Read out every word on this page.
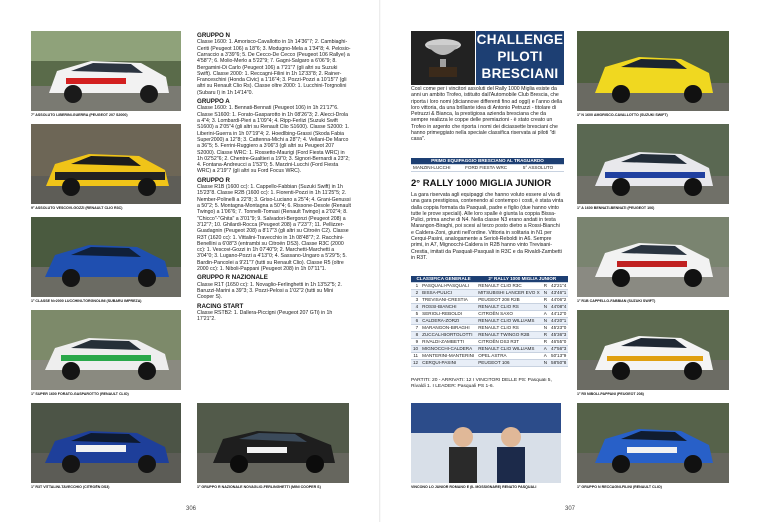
7° ASSOLUTO LIBERINI-GUERRA (PEUGEOT 207 S2000)
9° ASSOLUTO VESCOVI-GOZZI (RENAULT CLIO R3C)
1° CLASSE N>2000 LUCCHINI-TORGNOLINI (SUBARU IMPREZA)
1° SUPER 1600 FORATO-GASPAROTTO (RENAULT CLIO)
1° R3T VITTALINI-TAVECCHIO (CITROËN DS3)	1° GRUPPO R NAZIONALE NOVAGLIO-FERLINGHETTI (MINI COOPER S)
GRUPPO N

Classe 1600: 1. Amorisco-Cavallotto in 1h 14'36"7; 2. Cambiaghi-Ceriti (Peugeot 106) a 18"6; 3. Modugno-Mela a 1'34"8; 4. Pelosio-Carraccio a 3'39"6; 5. De Cecco-De Cecco (Peugeot 106 Rallye) a 4'58"7; 6. Molio-Merlo a 5'22"9; 7. Gagni-Salgaro a 6'06"9; 8. Bergamini-Di Carlo (Peugeot 106) a 7'21"7 (gli altri su Suzuki Swift). Classe 2000: 1. Reccagni-Filini in 1h 12'33"8; 2. Rainer-Franceschini (Honda Civic) a 1'16"4; 3. Pozzi-Pozzi a 10'15"7 (gli altri su Renault Clio Rs). Classe oltre 2000: 1. Lucchini-Torgnolini (Subaru I) in 1h 14'14"0.

GRUPPO A

Classe 1600: 1. Bennati-Bennati (Peugeot 106) in 1h 21'17"6. Classe S1600: 1. Forato-Gasparotto in 1h 08'26"3; 2. Alecci-Drola a 4"4; 3. Lombardi-Pieri a 1'09"4; 4. Ripp-Ferlizi (Suzuki Swift S1600) a 2'05"4 (gli altri su Renault Clio S1600). Classe S2000: 1. Liberini-Guerra in 1h 07'19"4; 2. Hoedlbing-Grassi (Skoda Fabia Super2000) a 12"8; 3. Cattenna-Michi a 28"7; 4. Vellani-De Marco a 36"5; 5. Ferrini-Ruggiero a 3'06"3 (gli altri su Peugeot 207 S2000). Classe WRC: 1. Rossetto-Maurigi (Ford Fiesta WRC) in 1h 02'52"6; 2. Chentre-Gualtieri a 19"0; 3. Signori-Bernardi a 23"2; 4. Fontana-Andreucci a 1'53"0; 5. Marzini-Lucchi (Ford Fiesta WRC) a 2'19"7 (gli altri su Ford Focus WRC).

GRUPPO R

Classe R1B (1600 cc): 1. Cappello-Fabbian (Suzuki Swift) in 1h 15'23"8. Classe R2B (1600 cc): 1. Fiorenti-Pozzi in 1h 11'25"5; 2. Nember-Polinelli a 22"8; 3. Griso-Luciano a 25"4; 4. Grani-Genussi a 50"2; 5. Montagna-Montagna a 50"4; 6. Rissone-Desole (Renault Twingo) a 1'06"6; 7. Tonnelli-Tomasi (Renault Twingo) a 2'02"4; 8. "Chicco"-"Ghita" a 3'01"9; 9. Salvadori-Bergonzi (Peugeot 208) a 3'12"7; 10. Ghilardi-Rocca (Peugeot 208) a 7'23"7; 11. Pellizzer-Guadagnin (Peugeot 208) a 8'17"3 (gli altri su Citroën C2). Classe R3T (1620 cc): 1. Vittalini-Travecchio in 1h 08'48"7; 2. Racchini-Benellini a 6'08"3 (entrambi su Citroën DS3). Classe R3C (2000 cc): 1. Vescovi-Gozzi in 1h 07'40"9; 2. Marchetti-Marchetti a 3'04"0; 3. Lugano-Pozzi a 4'13"0; 4. Sassano-Ungaro a 5'29"5; 5. Bardin-Pancolei a 9'21"7 (tutti su Renault Clio). Classe R5 (oltre 2000 cc): 1. Niboli-Pappani (Peugeot 208) in 1h 07'11"1.

GRUPPO R NAZIONALE

Classe R1T (1650 cc): 1. Novaglio-Ferlinghetti in 1h 13'52"5; 2. Baruzzi-Marini a 39"3; 3. Pozzi-Pelosi a 1'02"2 (tutti su Mini Cooper S).

RACING START

Classe RSTB2: 1. Dallera-Piccigni (Peugeot 207 GTi) in 1h 17'21"2.

306
CHALLENGE
PILOTI
BRESCIANI
Così come per i vincitori assoluti del Rally 1000 Miglia esiste da anni un ambito Trofeo, istituito dall'Automobile Club Brescia, che riporta i loro nomi (diciannove differenti fino ad oggi) e l'anno della loro vittoria, da una brillante idea di Antonio Petruzzi - titolare di Petruzzi & Bianca, la prestigiosa azienda bresciana che da sempre realizza le coppe delle premiazioni - è stato creato un Trofeo in argento che riporta i nomi dei diciassette bresciani che hanno primeggiato nella speciale classifica riservata ai piloti "di casa".
PRIMO EQUIPAGGIO BRESCIANO AL TRAGUARDO
MANZINI-LUCCHI	FORD FIESTA WRC	5° ASSOLUTO
2° RALLY 1000 MIGLIA JUNIOR
La gara riservata agli equipaggi che hanno voluto essere al via di una gara prestigiosa, contenendo al contempo i costi, è stata vinta dalla coppia formata da Pasquali, padre e figlio (due hanno vinto tutte le prove speciali). Alle loro spalle è giunta la coppia Bissa-Pulici, prima anche di N4. Nella classe N3 erano andati in testa Marangon-Biraghi, poi scesi al terzo posto dietro a Rossi-Bianchi e Caldera-Zoni, giunti nell'ordine. Vittoria in solitaria in N1 per Cerqui-Pasini, analogamente a Serioli-Reboldi in A6. Sempre primi, in A7, Mignocchi-Caldera in R2B hanno vinto Trevisani-Crestia, imitati da Pasquali-Pasquali in R3C e da Rivaldi-Zambetti in R3T.
CLASSIFICA GENERALE		2° RALLY 1000 MIGLIA JUNIOR		
1	PASQUALI-PASQUALI	RENAULT CLIO R3C	R	42'21"4
2	BISSA-PULICI	MITSUBISHI LANCER EVO X	N	43'46"1
3	TREVISANI-CRESTIA	PEUGEOT 208 R2B	R	44'06"2
4	ROSSI-BIANCHI	RENAULT CLIO RS	N	44'08"4
5	SERIOLI-REBOLDI	CITROËN SAXO	A	44'12"0
6	CALDERA-ZORZI	RENAULT CLIO WILLIAMS	N	44'20"1
7	MARANGON-BIRAGHI	RENAULT CLIO RS	N	45'23"0
8	ZUCCALI-BORTOLOTTI	RENAULT TWINGO R2B	R	45'36"3
9	RIVALDI-ZAMBETTI	CITROËN DS3 R3T	R	46'55"0
10	MIGNOCCHI-CALDERA	RENAULT CLIO WILLIAMS	A	47'56"3
11	MANTERINI-MANTERINI	OPEL ASTRA	A	50'13"9
12	CERQUI-PASINI	PEUGEOT 106	N	58'50"8
PARTITI: 20 - ARRIVATI: 12 I VINCITORI DELLE PS: Pasquali 5, Rivaldi 1. I LEADER: Pasquali PS 1-6.
VINCONO LO JUNIOR ROMANO E (IL MOSSIGNARE) RENATO PASQUALI
1° N 1600 AMORISCO-CAVALLOTTO (SUZUKI SWIFT)
1° A 1600 BENNATI-BENNATI (PEUGEOT 106)
1° R1B CAPPELLO-FABBIAN (SUZUKI SWIFT)
1° R5 NIBOLI-PAPPANI (PEUGEOT 208)
1° GRUPPO N RECCAGNI-FILINI (RENAULT CLIO)
307
